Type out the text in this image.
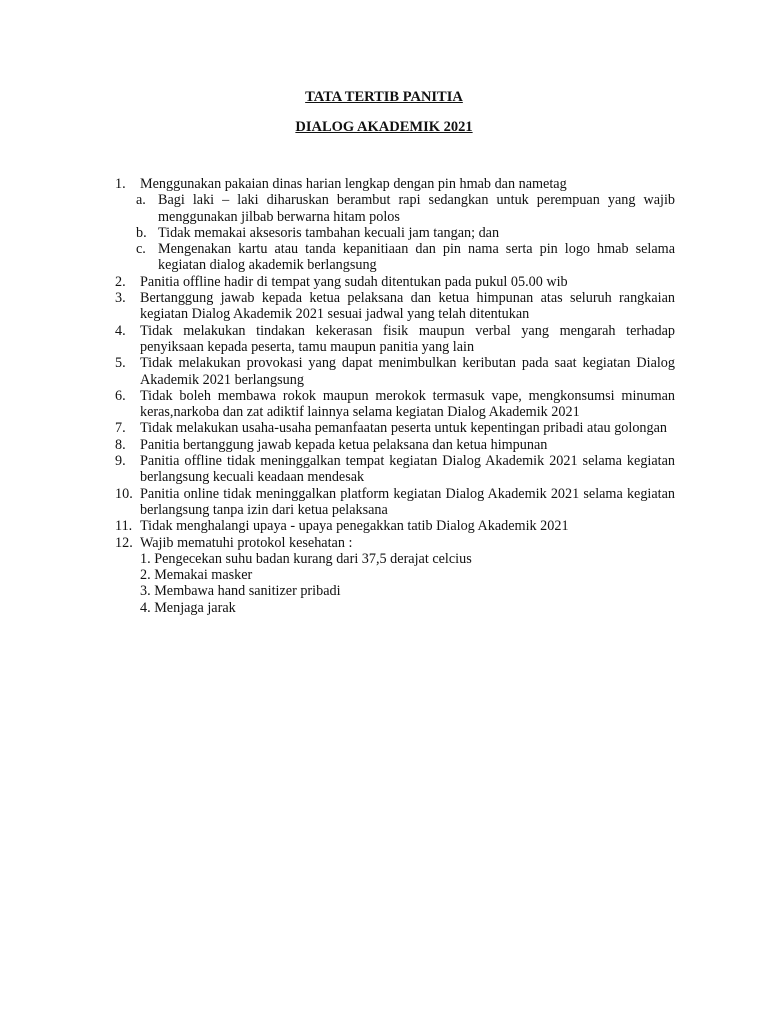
TATA TERTIB PANITIA
DIALOG AKADEMIK 2021
1.	Menggunakan pakaian dinas harian lengkap dengan pin hmab dan nametag
a. Bagi laki – laki diharuskan berambut rapi sedangkan untuk perempuan yang wajib menggunakan jilbab berwarna hitam polos
b. Tidak memakai aksesoris tambahan kecuali jam tangan; dan
c. Mengenakan kartu atau tanda kepanitiaan dan pin nama serta pin logo hmab selama kegiatan dialog akademik berlangsung
2.	Panitia offline hadir di tempat yang sudah ditentukan pada pukul 05.00 wib
3.	Bertanggung jawab kepada ketua pelaksana dan ketua himpunan atas seluruh rangkaian kegiatan Dialog Akademik 2021 sesuai jadwal yang telah ditentukan
4.	Tidak melakukan tindakan kekerasan fisik maupun verbal yang mengarah terhadap penyiksaan kepada peserta, tamu maupun panitia yang lain
5.	Tidak melakukan provokasi yang dapat menimbulkan keributan pada saat kegiatan Dialog Akademik 2021 berlangsung
6.	Tidak boleh membawa rokok maupun merokok termasuk vape, mengkonsumsi minuman keras,narkoba dan zat adiktif lainnya selama kegiatan Dialog Akademik 2021
7.	Tidak melakukan usaha-usaha pemanfaatan peserta untuk kepentingan pribadi atau golongan
8.	Panitia bertanggung jawab kepada ketua pelaksana dan ketua himpunan
9.	Panitia offline tidak meninggalkan tempat kegiatan Dialog Akademik 2021 selama kegiatan berlangsung kecuali keadaan mendesak
10. Panitia online tidak meninggalkan platform kegiatan Dialog Akademik 2021 selama kegiatan berlangsung tanpa izin dari ketua pelaksana
11. Tidak menghalangi upaya - upaya penegakkan tatib Dialog Akademik 2021
12. Wajib mematuhi protokol kesehatan :
1. Pengecekan suhu badan kurang dari 37,5 derajat celcius
2. Memakai masker
3. Membawa hand sanitizer pribadi
4. Menjaga jarak
